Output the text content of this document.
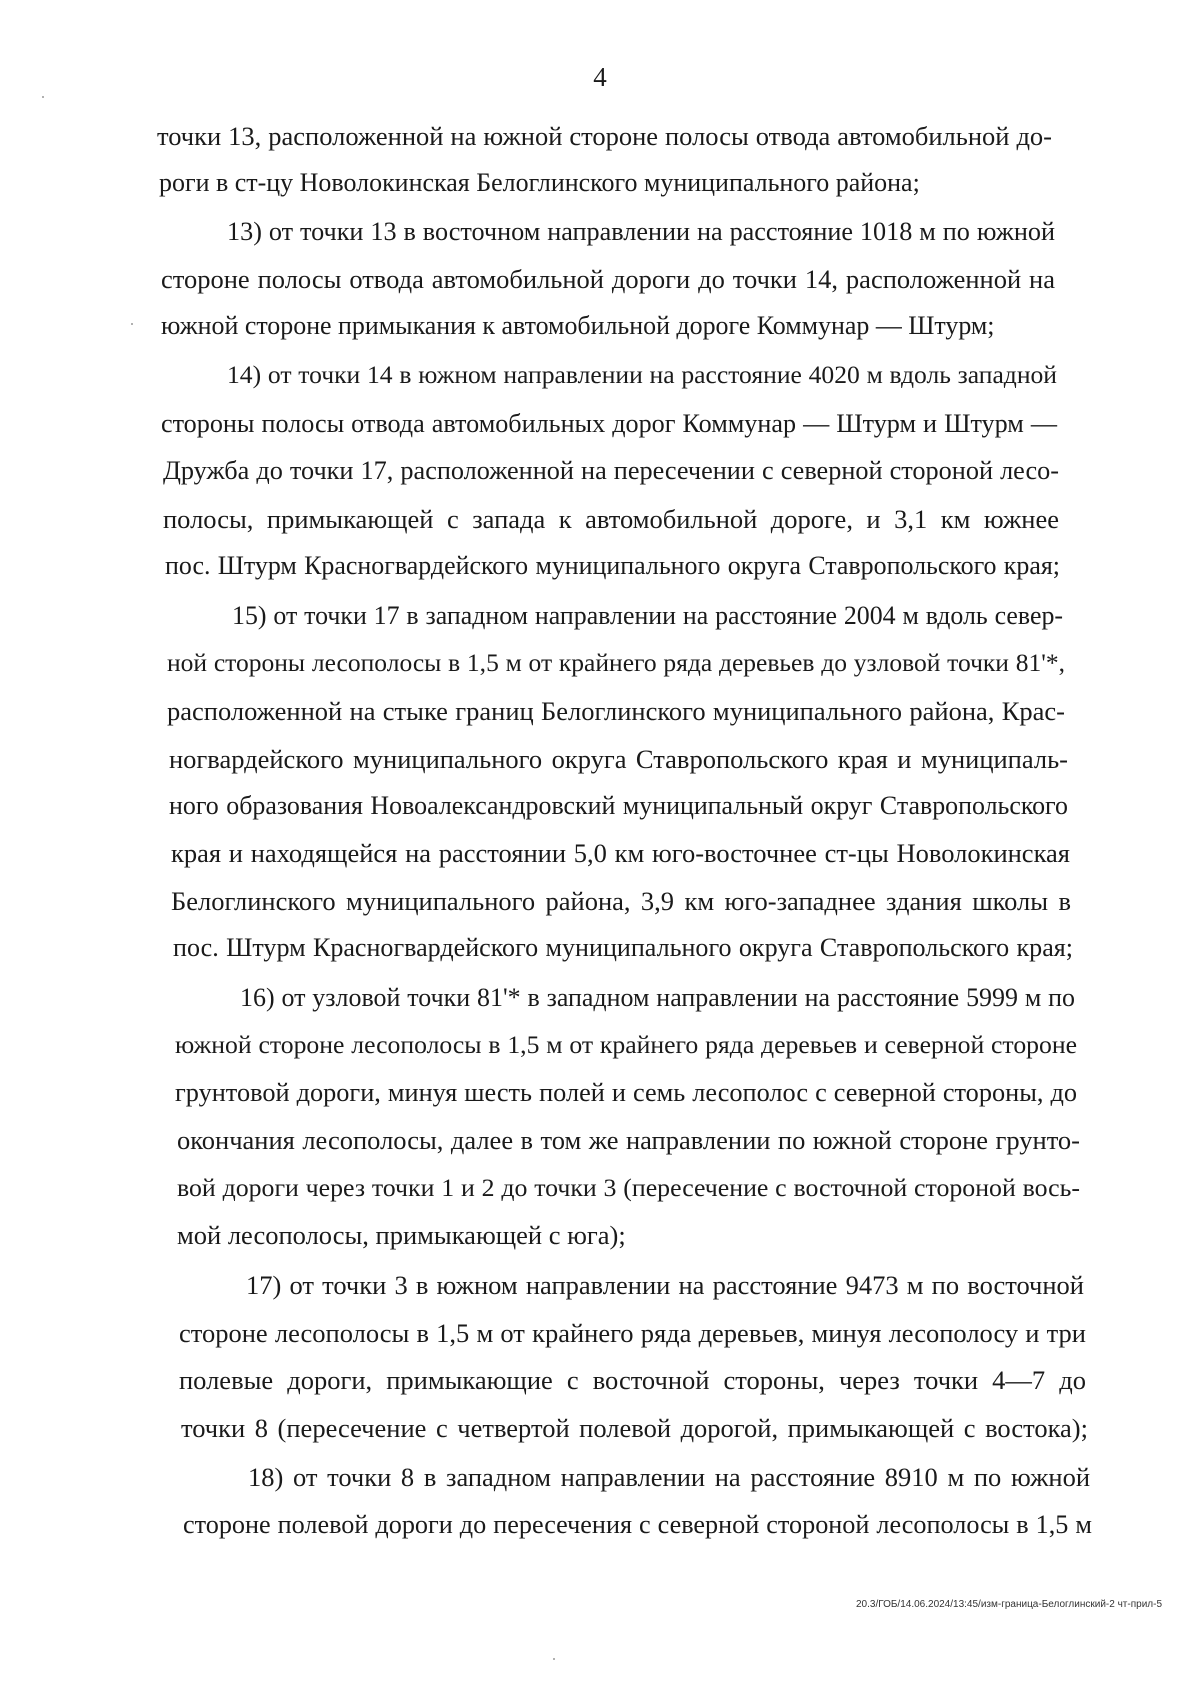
4
точки 13, расположенной на южной стороне полосы отвода автомобильной до-
роги в ст-цу Новолокинская Белоглинского муниципального района;
13) от точки 13 в восточном направлении на расстояние 1018 м по южной
стороне полосы отвода автомобильной дороги до точки 14, расположенной на
южной стороне примыкания к автомобильной дороге Коммунар — Штурм;
14) от точки 14 в южном направлении на расстояние 4020 м вдоль западной
стороны полосы отвода автомобильных дорог Коммунар — Штурм и Штурм —
Дружба до точки 17, расположенной на пересечении с северной стороной лесо-
полосы, примыкающей с запада к автомобильной дороге, и 3,1 км южнее
пос. Штурм Красногвардейского муниципального округа Ставропольского края;
15) от точки 17 в западном направлении на расстояние 2004 м вдоль север-
ной стороны лесополосы в 1,5 м от крайнего ряда деревьев до узловой точки 81'*,
расположенной на стыке границ Белоглинского муниципального района, Крас-
ногвардейского муниципального округа Ставропольского края и муниципаль-
ного образования Новоалександровский муниципальный округ Ставропольского
края и находящейся на расстоянии 5,0 км юго-восточнее ст-цы Новолокинская
Белоглинского муниципального района, 3,9 км юго-западнее здания школы в
пос. Штурм Красногвардейского муниципального округа Ставропольского края;
16) от узловой точки 81'* в западном направлении на расстояние 5999 м по
южной стороне лесополосы в 1,5 м от крайнего ряда деревьев и северной стороне
грунтовой дороги, минуя шесть полей и семь лесополос с северной стороны, до
окончания лесополосы, далее в том же направлении по южной стороне грунто-
вой дороги через точки 1 и 2 до точки 3 (пересечение с восточной стороной вось-
мой лесополосы, примыкающей с юга);
17) от точки 3 в южном направлении на расстояние 9473 м по восточной
стороне лесополосы в 1,5 м от крайнего ряда деревьев, минуя лесополосу и три
полевые дороги, примыкающие с восточной стороны, через точки 4—7 до
точки 8 (пересечение с четвертой полевой дорогой, примыкающей с востока);
18) от точки 8 в западном направлении на расстояние 8910 м по южной
стороне полевой дороги до пересечения с северной стороной лесополосы в 1,5 м
20.3/ГОБ/14.06.2024/13:45/изм-граница-Белоглинский-2 чт-прил-5
